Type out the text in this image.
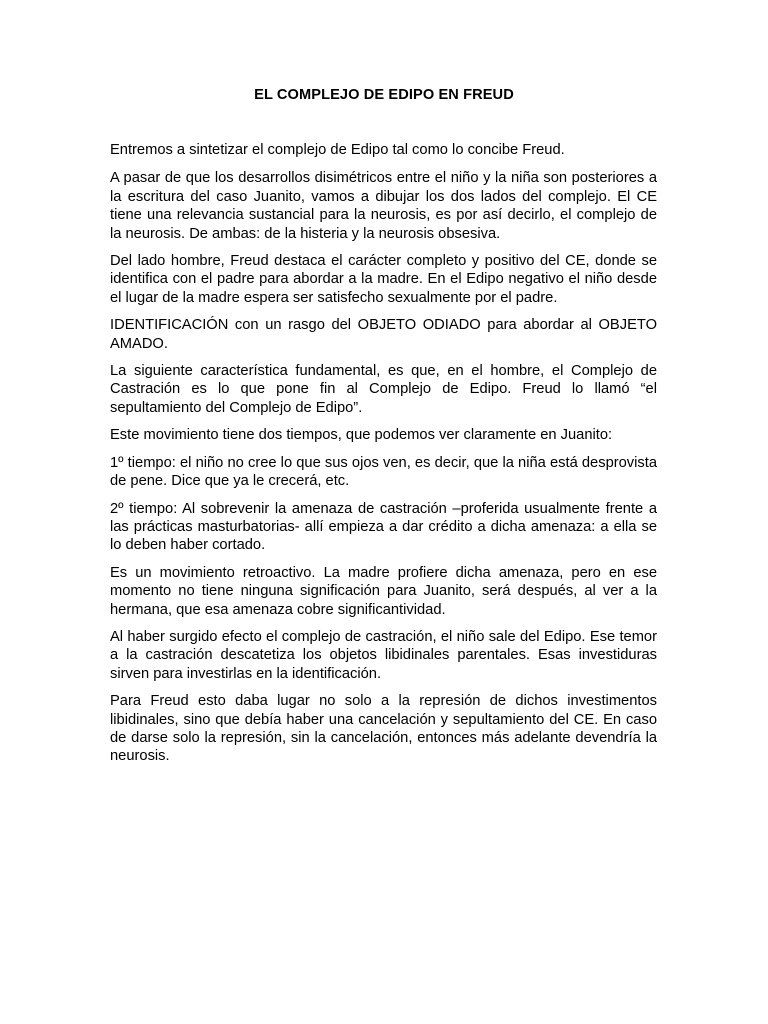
EL COMPLEJO DE EDIPO EN FREUD

Entremos a sintetizar el complejo de Edipo tal como lo concibe Freud.

A pasar de que los desarrollos disimétricos entre el niño y la niña son posteriores a la escritura del caso Juanito, vamos a dibujar los dos lados del complejo. El CE tiene una relevancia sustancial para la neurosis, es por así decirlo, el complejo de la neurosis. De ambas: de la histeria y la neurosis obsesiva.

Del lado hombre, Freud destaca el carácter completo y positivo del CE, donde se identifica con el padre para abordar a la madre. En el Edipo negativo el niño desde el lugar de la madre espera ser satisfecho sexualmente por el padre.

IDENTIFICACIÓN con un rasgo del OBJETO ODIADO para abordar al OBJETO AMADO.

La siguiente característica fundamental, es que, en el hombre, el Complejo de Castración es lo que pone fin al Complejo de Edipo. Freud lo llamó “el sepultamiento del Complejo de Edipo”.

Este movimiento tiene dos tiempos, que podemos ver claramente en Juanito:

1º tiempo: el niño no cree lo que sus ojos ven, es decir, que la niña está desprovista de pene. Dice que ya le crecerá, etc.

2º tiempo: Al sobrevenir la amenaza de castración –proferida usualmente frente a las prácticas masturbatorias- allí empieza a dar crédito a dicha amenaza: a ella se lo deben haber cortado.

Es un movimiento retroactivo. La madre profiere dicha amenaza, pero en ese momento no tiene ninguna significación para Juanito, será después, al ver a la hermana, que esa amenaza cobre significantividad.

Al haber surgido efecto el complejo de castración, el niño sale del Edipo. Ese temor a la castración descatetiza los objetos libidinales parentales. Esas investiduras sirven para investirlas en la identificación.

Para Freud esto daba lugar no solo a la represión de dichos investimentos libidinales, sino que debía haber una cancelación y sepultamiento del CE. En caso de darse solo la represión, sin la cancelación, entonces más adelante devendría la neurosis.
